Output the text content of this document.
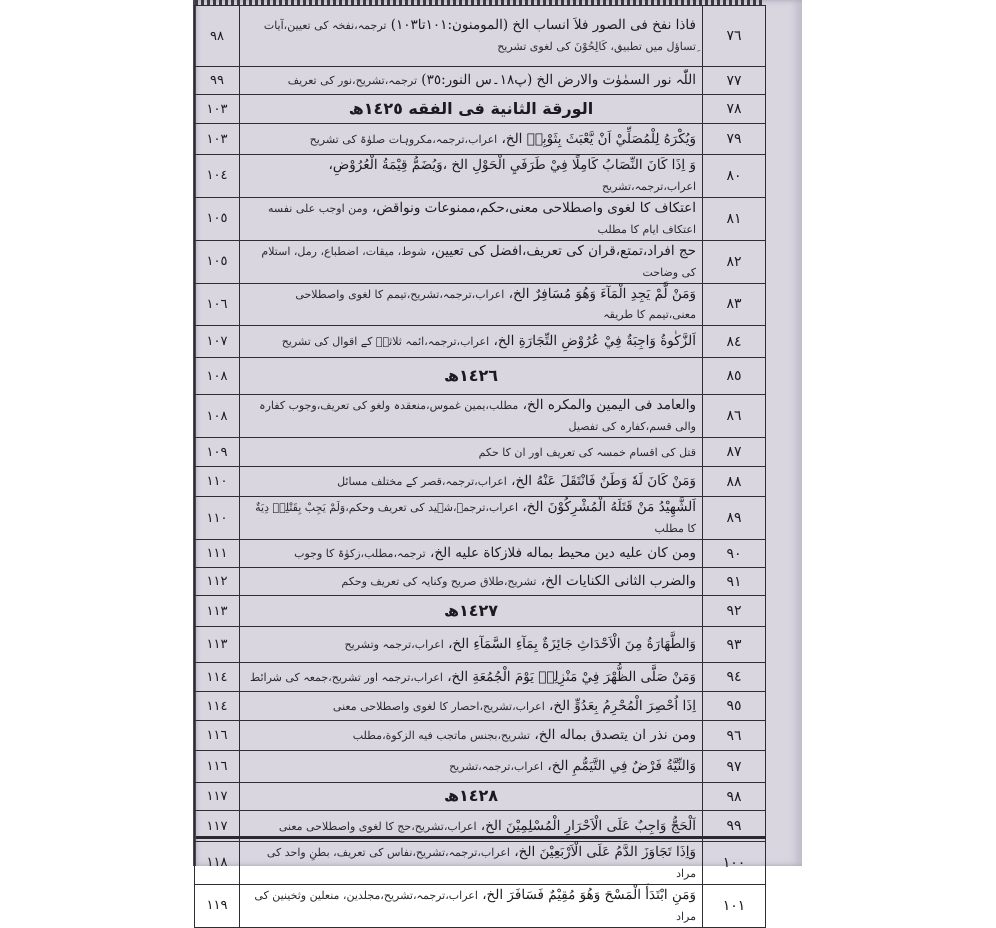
٧٦	فاذا نفخ فی الصور فلاَ انساب الخ (المومنون:١٠١تا١٠٣) ترجمہ،نفخہ کی تعیین،آیات ِتساؤل میں تطبیق، کَالِحُوْنَ کی لغوی تشریح	٩٨
٧٧	اللّٰہ نور السمٰوٰت والارض الخ (پ١٨۔س النور:٣٥) ترجمہ،تشریح،نور کی تعریف	٩٩
٧٨	الورقة الثانية فی الفقه ١٤٢٥ھ	١٠٣
٧٩	وَيُكْرَهُ لِلْمُصَلِّيْ اَنْ يَّعْبَثَ بِثَوْبِهٖ الخ، اعراب،ترجمہ،مکروہات صلوٰۃ کی تشریح	١٠٣
٨٠	وَ اِذَا كَانَ النِّصَابُ كَامِلًا فِيْ طَرَفَيِ الْحَوْلِ الخ ،وَيُضَمُّ قِيْمَةُ الْعُرُوْضِ، اعراب،ترجمہ،تشریح	١٠٤
٨١	اعتکاف کا لغوی واصطلاحی معنی،حکم،ممنوعات ونواقض، ومن اوجب علی نفسه اعتکاف ایام کا مطلب	١٠٥
٨٢	حج افراد،تمتع،قران کی تعریف،افضل کی تعیین، شوط، میقات، اضطباع، رمل، استلام کی وضاحت	١٠٥
٨٣	وَمَنْ لَّمْ يَجِدِ الْمَآءَ وَهُوَ مُسَافِرٌ الخ، اعراب،ترجمہ،تشریح،تیمم کا لغوی واصطلاحی معنی،تیمم کا طریقہ	١٠٦
٨٤	اَلزَّكٰوةُ وَاجِبَةٌ فِيْ عُرُوْضِ التِّجَارَةِ الخ، اعراب،ترجمہ،ائمہ ثلاثہؒ کے اقوال کی تشریح	١٠٧
٨٥	١٤٢٦ھ	١٠٨
٨٦	والعامد فی اليمين والمكره الخ، مطلب،یمین غموس،منعقدہ ولغو کی تعریف،وجوب کفارہ والی قسم،کفارہ کی تفصیل	١٠٨
٨٧	قتل کی اقسام خمسہ کی تعریف اور ان کا حکم	١٠٩
٨٨	وَمَنْ كَانَ لَهٗ وَطَنٌ فَانْتَقَلَ عَنْهُ الخ، اعراب،ترجمہ،قصر کے مختلف مسائل	١١٠
٨٩	اَلشَّهِيْدُ مَنْ قَتَلَهُ الْمُشْرِكُوْنَ الخ، اعراب،ترجمہ،شہید کی تعریف وحکم،وَلَمْ يَجِبْ بِقَتْلِهٖ دِيَةٌ کا مطلب	١١٠
٩٠	ومن كان عليه دين محيط بماله فلازكاة عليه الخ، ترجمہ،مطلب،زکوٰۃ کا وجوب	١١١
٩١	والضرب الثانی الكنايات الخ، تشریح،طلاق صریح وکنایہ کی تعریف وحکم	١١٢
٩٢	١٤٢٧ھ	١١٣
٩٣	وَالطَّهَارَةُ مِنَ الْاَحْدَاثِ جَائِزَةٌ بِمَآءِ السَّمَآءِ الخ، اعراب،ترجمہ وتشریح	١١٣
٩٤	وَمَنْ صَلَّى الظُّهْرَ فِيْ مَنْزِلِهٖ يَوْمَ الْجُمُعَةِ الخ، اعراب،ترجمہ اور تشریح،جمعہ کی شرائط	١١٤
٩٥	اِذَا اُحْصِرَ الْمُحْرِمُ بِعَدُوٍّ الخ، اعراب،تشریح،احصار کا لغوی واصطلاحی معنی	١١٤
٩٦	ومن نذر ان يتصدق بماله الخ، تشریح،بجنس ماتجب فيه الزكوة،مطلب	١١٦
٩٧	وَالنِّيَّةُ فَرْضٌ فِي التَّيَمُّمِ الخ، اعراب،ترجمہ،تشریح	١١٦
٩٨	١٤٢٨ھ	١١٧
٩٩	اَلْحَجُّ وَاجِبٌ عَلَى الْاَحْرَارِ الْمُسْلِمِيْنَ الخ، اعراب،تشریح،حج کا لغوی واصطلاحی معنی	١١٧
١٠٠	وَاِذَا تَجَاوَزَ الدَّمُ عَلَى الْاَرْبَعِيْنَ الخ، اعراب،ترجمہ،تشریح،نفاس کی تعریف، بطنِ واحد کی مراد	١١٨
١٠١	وَمَنِ ابْتَدَأَ الْمَسْحَ وَهُوَ مُقِيْمٌ فَسَافَرَ الخ، اعراب،ترجمہ،تشریح،مجلدین، منعلین وثخینین کی مراد	١١٩
